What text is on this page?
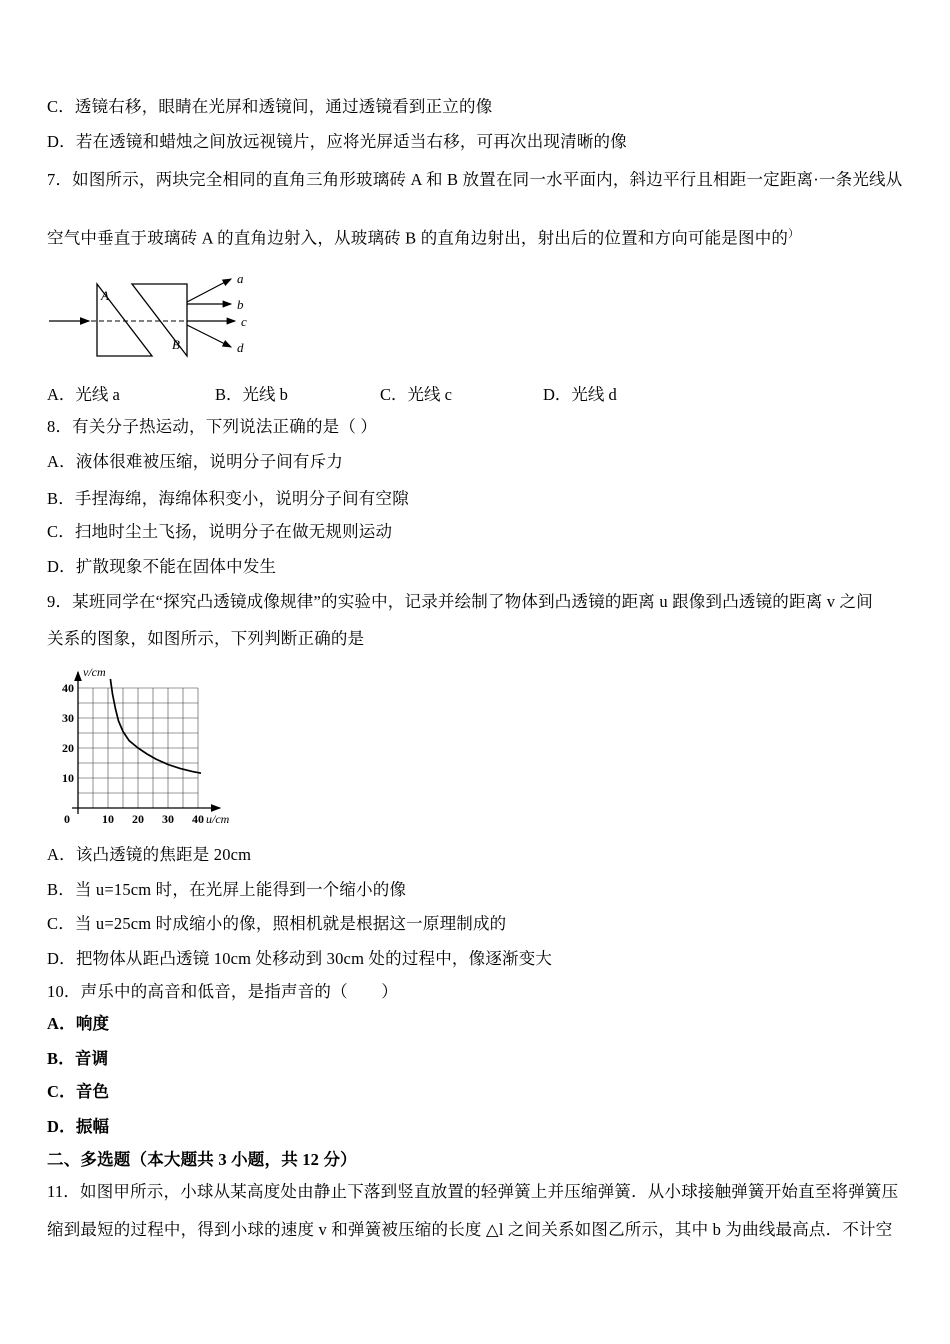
C．透镜右移，眼睛在光屏和透镜间，通过透镜看到正立的像
D．若在透镜和蜡烛之间放远视镜片，应将光屏适当右移，可再次出现清晰的像
7．如图所示，两块完全相同的直角三角形玻璃砖 A 和 B 放置在同一水平面内，斜边平行且相距一定距离·一条光线从
空气中垂直于玻璃砖 A 的直角边射入，从玻璃砖 B 的直角边射出，射出后的位置和方向可能是图中的）
A
B
a
b
c
d
A．光线 a	B．光线 b	C．光线 c	D．光线 d
8．有关分子热运动，下列说法正确的是（ ）
A．液体很难被压缩，说明分子间有斥力
B．手捏海绵，海绵体积变小，说明分子间有空隙
C．扫地时尘土飞扬，说明分子在做无规则运动
D．扩散现象不能在固体中发生
9．某班同学在“探究凸透镜成像规律”的实验中，记录并绘制了物体到凸透镜的距离 u 跟像到凸透镜的距离 v 之间
关系的图象，如图所示，下列判断正确的是
40
30
20
10
0	10 20 30 40
v/cm
u/cm
A．该凸透镜的焦距是 20cm
B．当 u=15cm 时，在光屏上能得到一个缩小的像
C．当 u=25cm 时成缩小的像，照相机就是根据这一原理制成的
D．把物体从距凸透镜 10cm 处移动到 30cm 处的过程中，像逐渐变大
10．声乐中的高音和低音，是指声音的（　　）
A．响度
B．音调
C．音色
D．振幅
二、多选题（本大题共 3 小题，共 12 分）
11．如图甲所示，小球从某高度处由静止下落到竖直放置的轻弹簧上并压缩弹簧．从小球接触弹簧开始直至将弹簧压
缩到最短的过程中，得到小球的速度 v 和弹簧被压缩的长度 △l 之间关系如图乙所示，其中 b 为曲线最高点．不计空
